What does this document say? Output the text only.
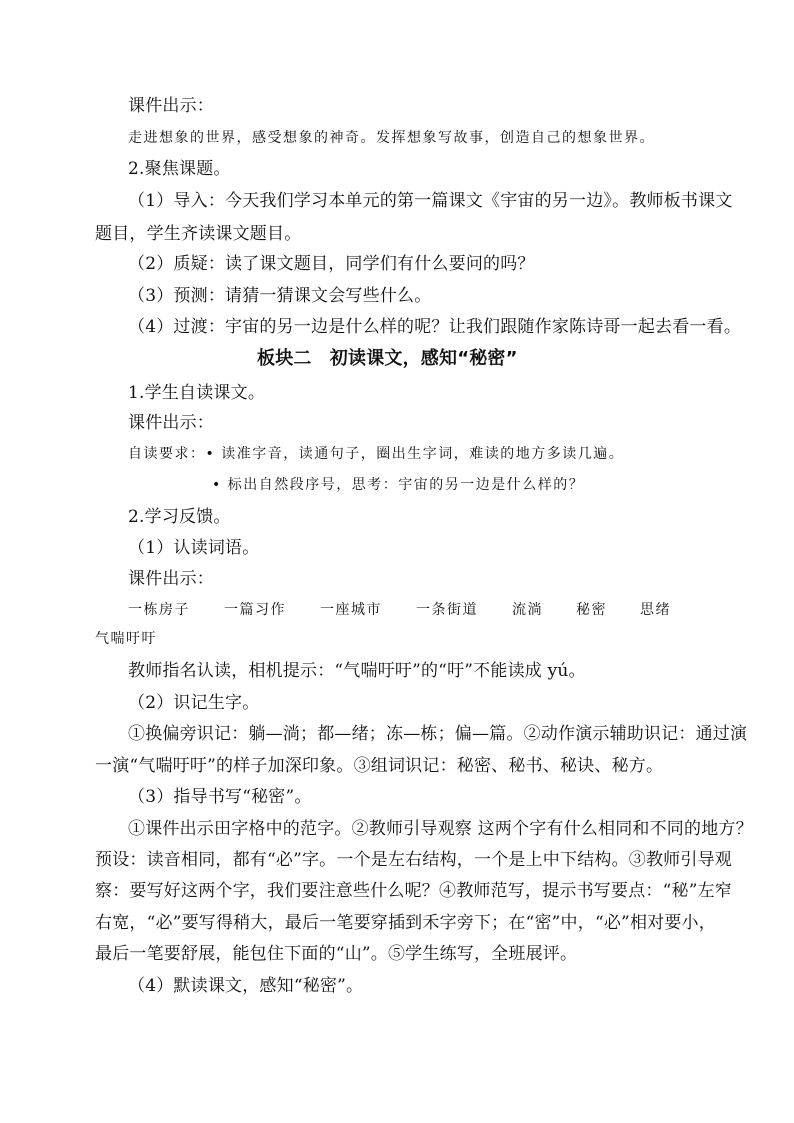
课件出示：
走进想象的世界，感受想象的神奇。发挥想象写故事，创造自己的想象世界。
2.聚焦课题。
（1）导入：今天我们学习本单元的第一篇课文《宇宙的另一边》。教师板书课文
题目，学生齐读课文题目。
（2）质疑：读了课文题目，同学们有什么要问的吗？
（3）预测：请猜一猜课文会写些什么。
（4）过渡：宇宙的另一边是什么样的呢？让我们跟随作家陈诗哥一起去看一看。
板块二　初读课文，感知“秘密”
1.学生自读课文。
课件出示：
自读要求：• 读准字音，读通句子，圈出生字词，难读的地方多读几遍。
• 标出自然段序号，思考：宇宙的另一边是什么样的？
2.学习反馈。
（1）认读词语。
课件出示：
一栋房子 一篇习作 一座城市 一条街道 流淌 秘密 思绪
气喘吁吁
教师指名认读，相机提示：“气喘吁吁”的“吁”不能读成 yú。
（2）识记生字。
①换偏旁识记：躺—淌；都—绪；冻—栋；偏—篇。②动作演示辅助识记：通过演
一演“气喘吁吁”的样子加深印象。③组词识记：秘密、秘书、秘诀、秘方。
（3）指导书写“秘密”。
①课件出示田字格中的范字。②教师引导观察 这两个字有什么相同和不同的地方？
预设：读音相同，都有“必”字。一个是左右结构，一个是上中下结构。③教师引导观
察：要写好这两个字，我们要注意些什么呢？④教师范写，提示书写要点：“秘”左窄
右宽，“必”要写得稍大，最后一笔要穿插到禾字旁下；在“密”中，“必”相对要小，
最后一笔要舒展，能包住下面的“山”。⑤学生练写，全班展评。
（4）默读课文，感知“秘密”。
